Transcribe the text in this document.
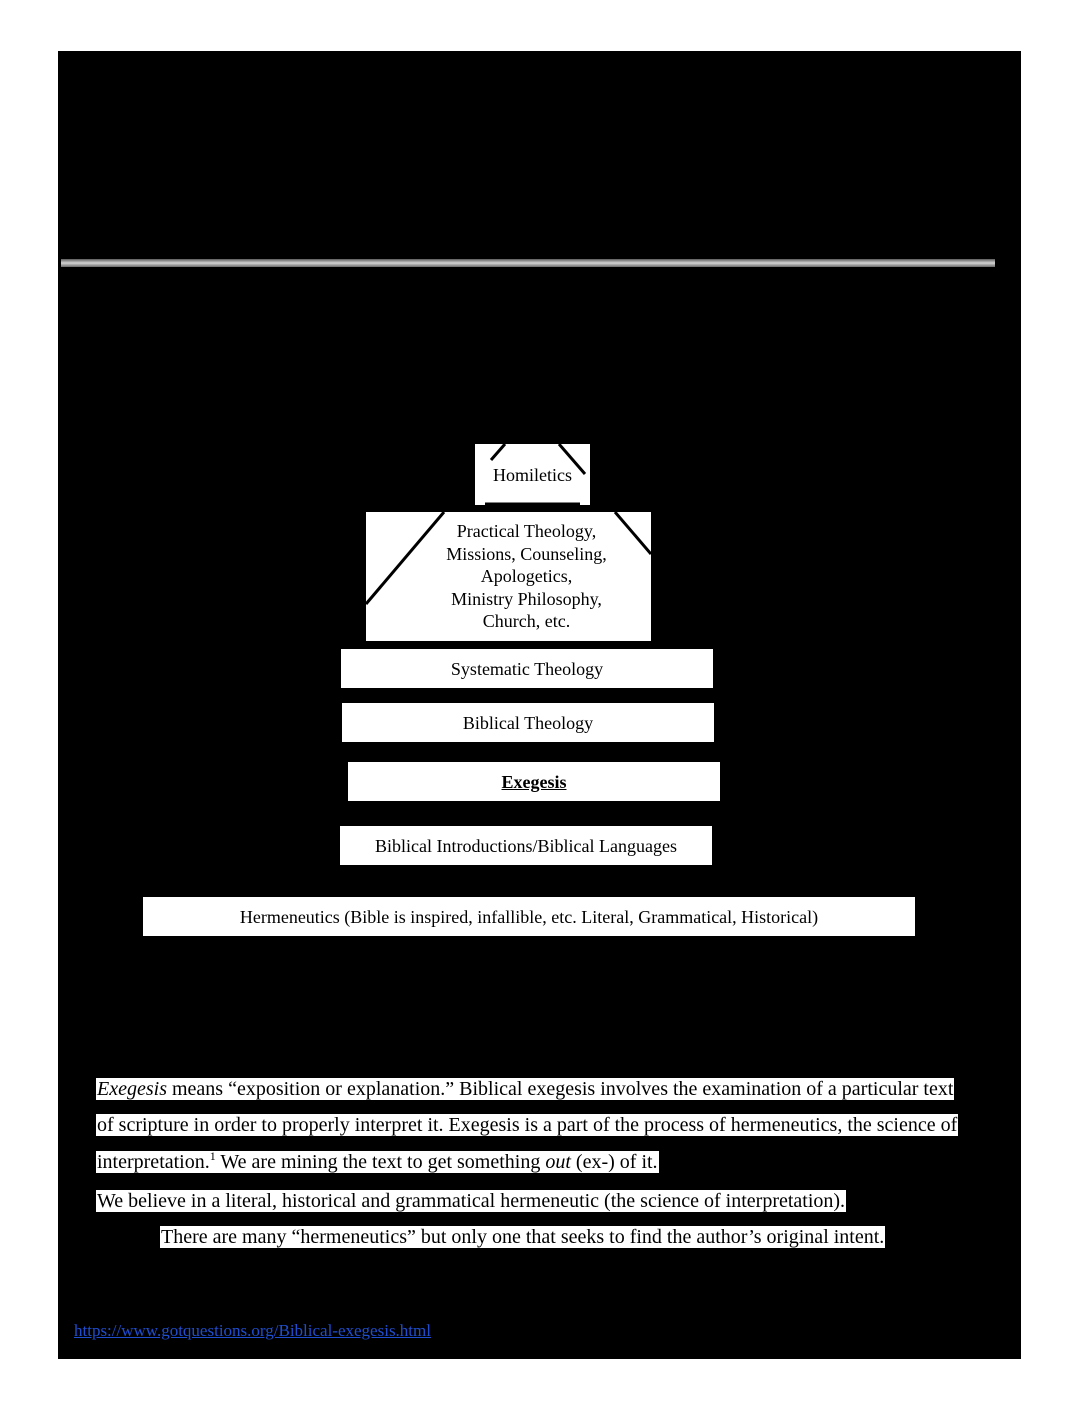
Homiletics
Practical Theology,
Missions, Counseling,
Apologetics,
Ministry Philosophy,
Church, etc.
Systematic Theology
Biblical Theology
Exegesis
Biblical Introductions/Biblical Languages
Hermeneutics (Bible is inspired, infallible, etc. Literal, Grammatical, Historical)
Exegesis means “exposition or explanation.” Biblical exegesis involves the examination of a particular text
of scripture in order to properly interpret it. Exegesis is a part of the process of hermeneutics, the science of
interpretation.$^1$ We are mining the text to get something out (ex-) of it.
We believe in a literal, historical and grammatical hermeneutic (the science of interpretation).
There are many “hermeneutics” but only one that seeks to find the author’s original intent.
https://www.gotquestions.org/Biblical-exegesis.html
